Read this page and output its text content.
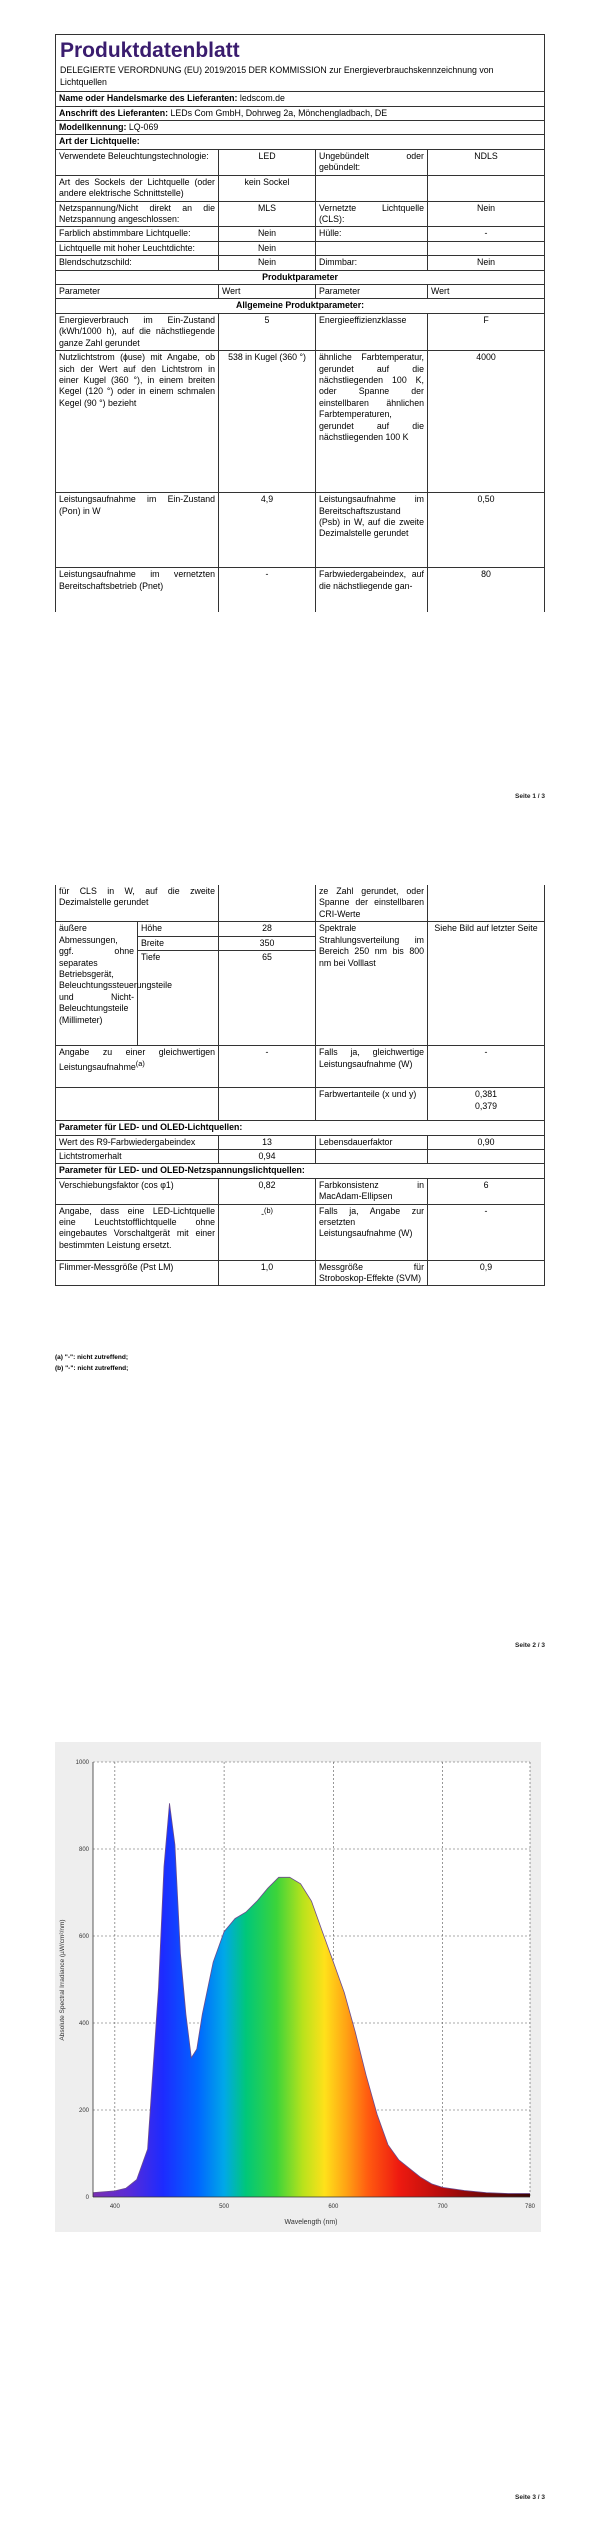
Produktdatenblatt			
DELEGIERTE VERORDNUNG (EU) 2019/2015 DER KOMMISSION zur Energieverbrauchskennzeichnung von Lichtquellen			
Name oder Handelsmarke des Lieferanten: ledscom.de			
Anschrift des Lieferanten: LEDs Com GmbH, Dohrweg 2a, Mönchengladbach, DE			
Modellkennung: LQ-069			
Art der Lichtquelle:			
Verwendete Beleuchtungstechnologie:	LED	Ungebündelt oder gebündelt:	NDLS
Art des Sockels der Lichtquelle (oder andere elektrische Schnittstelle)	kein Sockel		
Netzspannung/Nicht direkt an die Netzspannung angeschlossen:	MLS	Vernetzte Lichtquelle (CLS):	Nein
Farblich abstimmbare Lichtquelle:	Nein	Hülle:	-
Lichtquelle mit hoher Leuchtdichte:	Nein		
Blendschutzschild:	Nein	Dimmbar:	Nein
Produktparameter			
Parameter	Wert	Parameter	Wert
Allgemeine Produktparameter:			
Energieverbrauch im Ein-Zustand (kWh/1000 h), auf die nächstliegende ganze Zahl gerundet	5	Energieeffizienzklasse	F
Nutzlichtstrom (ɸuse) mit Angabe, ob sich der Wert auf den Lichtstrom in einer Kugel (360 °), in einem breiten Kegel (120 °) oder in einem schmalen Kegel (90 °) bezieht	538 in Kugel (360 °)	ähnliche Farbtemperatur, gerundet auf die nächstliegenden 100 K, oder Spanne der einstellbaren ähnlichen Farbtemperaturen, gerundet auf die nächstliegenden 100 K	4000
Leistungsaufnahme im Ein-Zustand (Pon) in W	4,9	Leistungsaufnahme im Bereitschaftszustand (Psb) in W, auf die zweite Dezimalstelle gerundet	0,50
Leistungsaufnahme im vernetzten Bereitschaftsbetrieb (Pnet)	-	Farbwiedergabeindex, auf die nächstliegende gan-	80
Seite 1 / 3
für CLS in W, auf die zweite Dezimalstelle gerundet			ze Zahl gerundet, oder Spanne der einstellbaren CRI-Werte	
äußere Abmessungen, ggf. ohne separates Betriebsgerät, Beleuchtungssteuerungsteile und Nicht-Beleuchtungsteile (Millimeter)	Höhe	28	Spektrale Strahlungsverteilung im Bereich 250 nm bis 800 nm bei Volllast	Siehe Bild auf letzter Seite
	Breite	350		
	Tiefe	65		
Angabe zu einer gleichwertigen Leistungsaufnahme$^{(a)}$		-	Falls ja, gleichwertige Leistungsaufnahme (W)	-
			Farbwertanteile (x und y)	0,381
0,379

Parameter für LED- und OLED-Lichtquellen:				
Wert des R9-Farbwiedergabeindex		13	Lebensdauerfaktor	0,90
Lichtstromerhalt		0,94		
Parameter für LED- und OLED-Netzspannungslichtquellen:				
Verschiebungsfaktor (cos φ1)		0,82	Farbkonsistenz in MacAdam-Ellipsen	6
Angabe, dass eine LED-Lichtquelle eine Leuchtstofflichtquelle ohne eingebautes Vorschaltgerät mit einer bestimmten Leistung ersetzt.		-$^{(b)}$	Falls ja, Angabe zur ersetzten Leistungsaufnahme (W)	-
Flimmer-Messgröße (Pst LM)		1,0	Messgröße für Stroboskop-Effekte (SVM)	0,9
(a) "-": nicht zutreffend;
(b) "-": nicht zutreffend;
Seite 2 / 3
0
200
400
600
800
1000
400	500	600	700	780
Wavelength (nm)
Absolute Spectral Irradiance (µW/cm²/nm)
Seite 3 / 3
